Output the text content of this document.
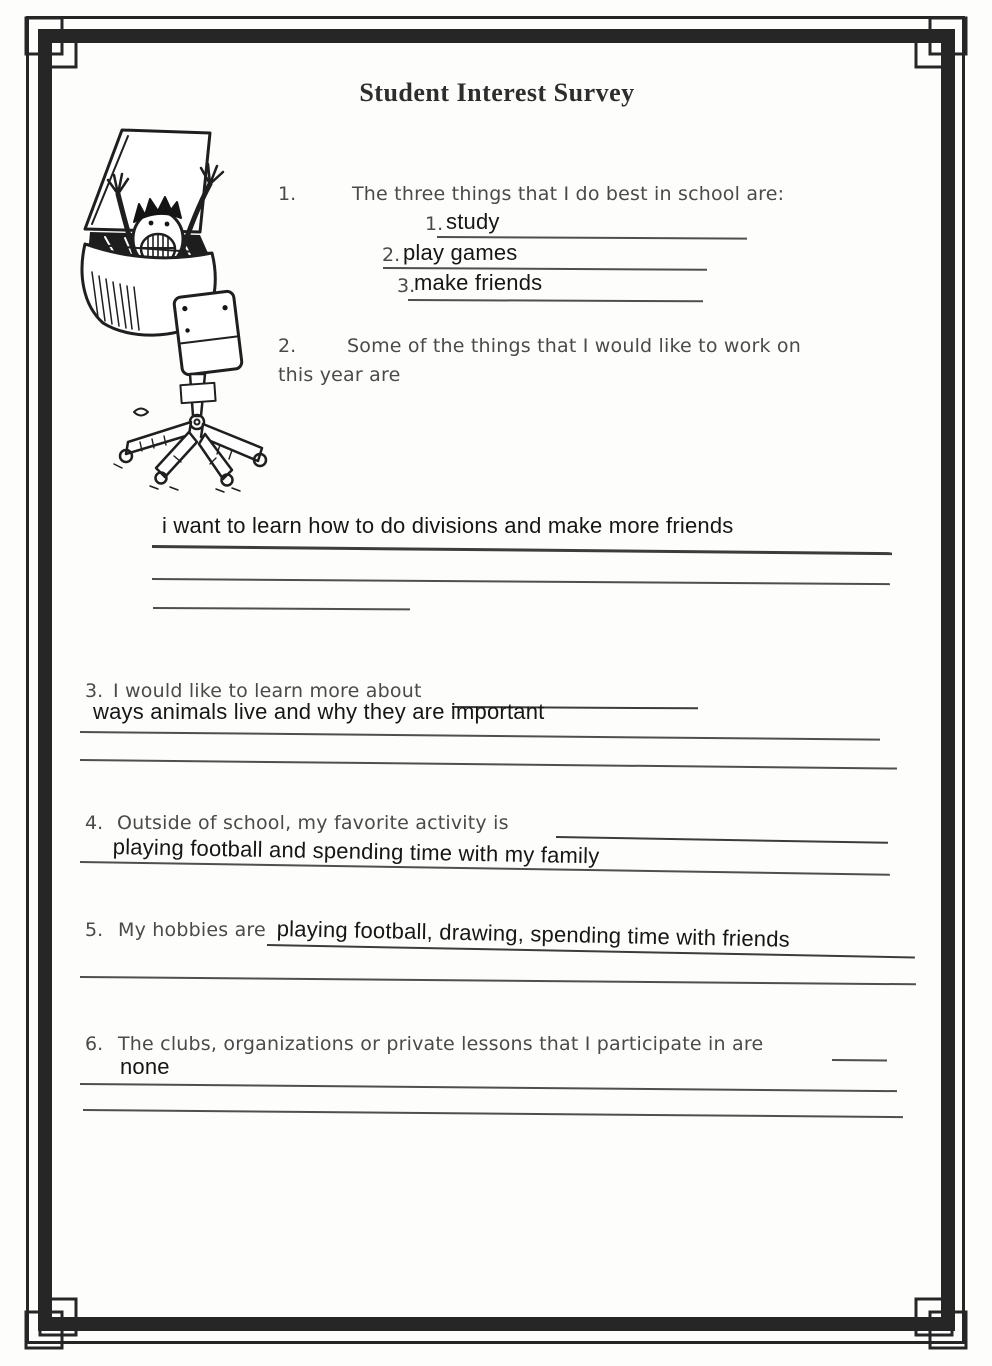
Student Interest Survey
1.	The three things that I do best in school are:
1. study
2. play games
3.
make friends
2.	Some of the things that I would like to work on
this year are
i want to learn how to do divisions and make more friends
3. I would like to learn more about
ways animals live and why they are important
4. Outside of school, my favorite activity is
playing football and spending time with my family
5. My hobbies are playing football, drawing, spending time with friends
6. The clubs, organizations or private lessons that I participate in are
none
